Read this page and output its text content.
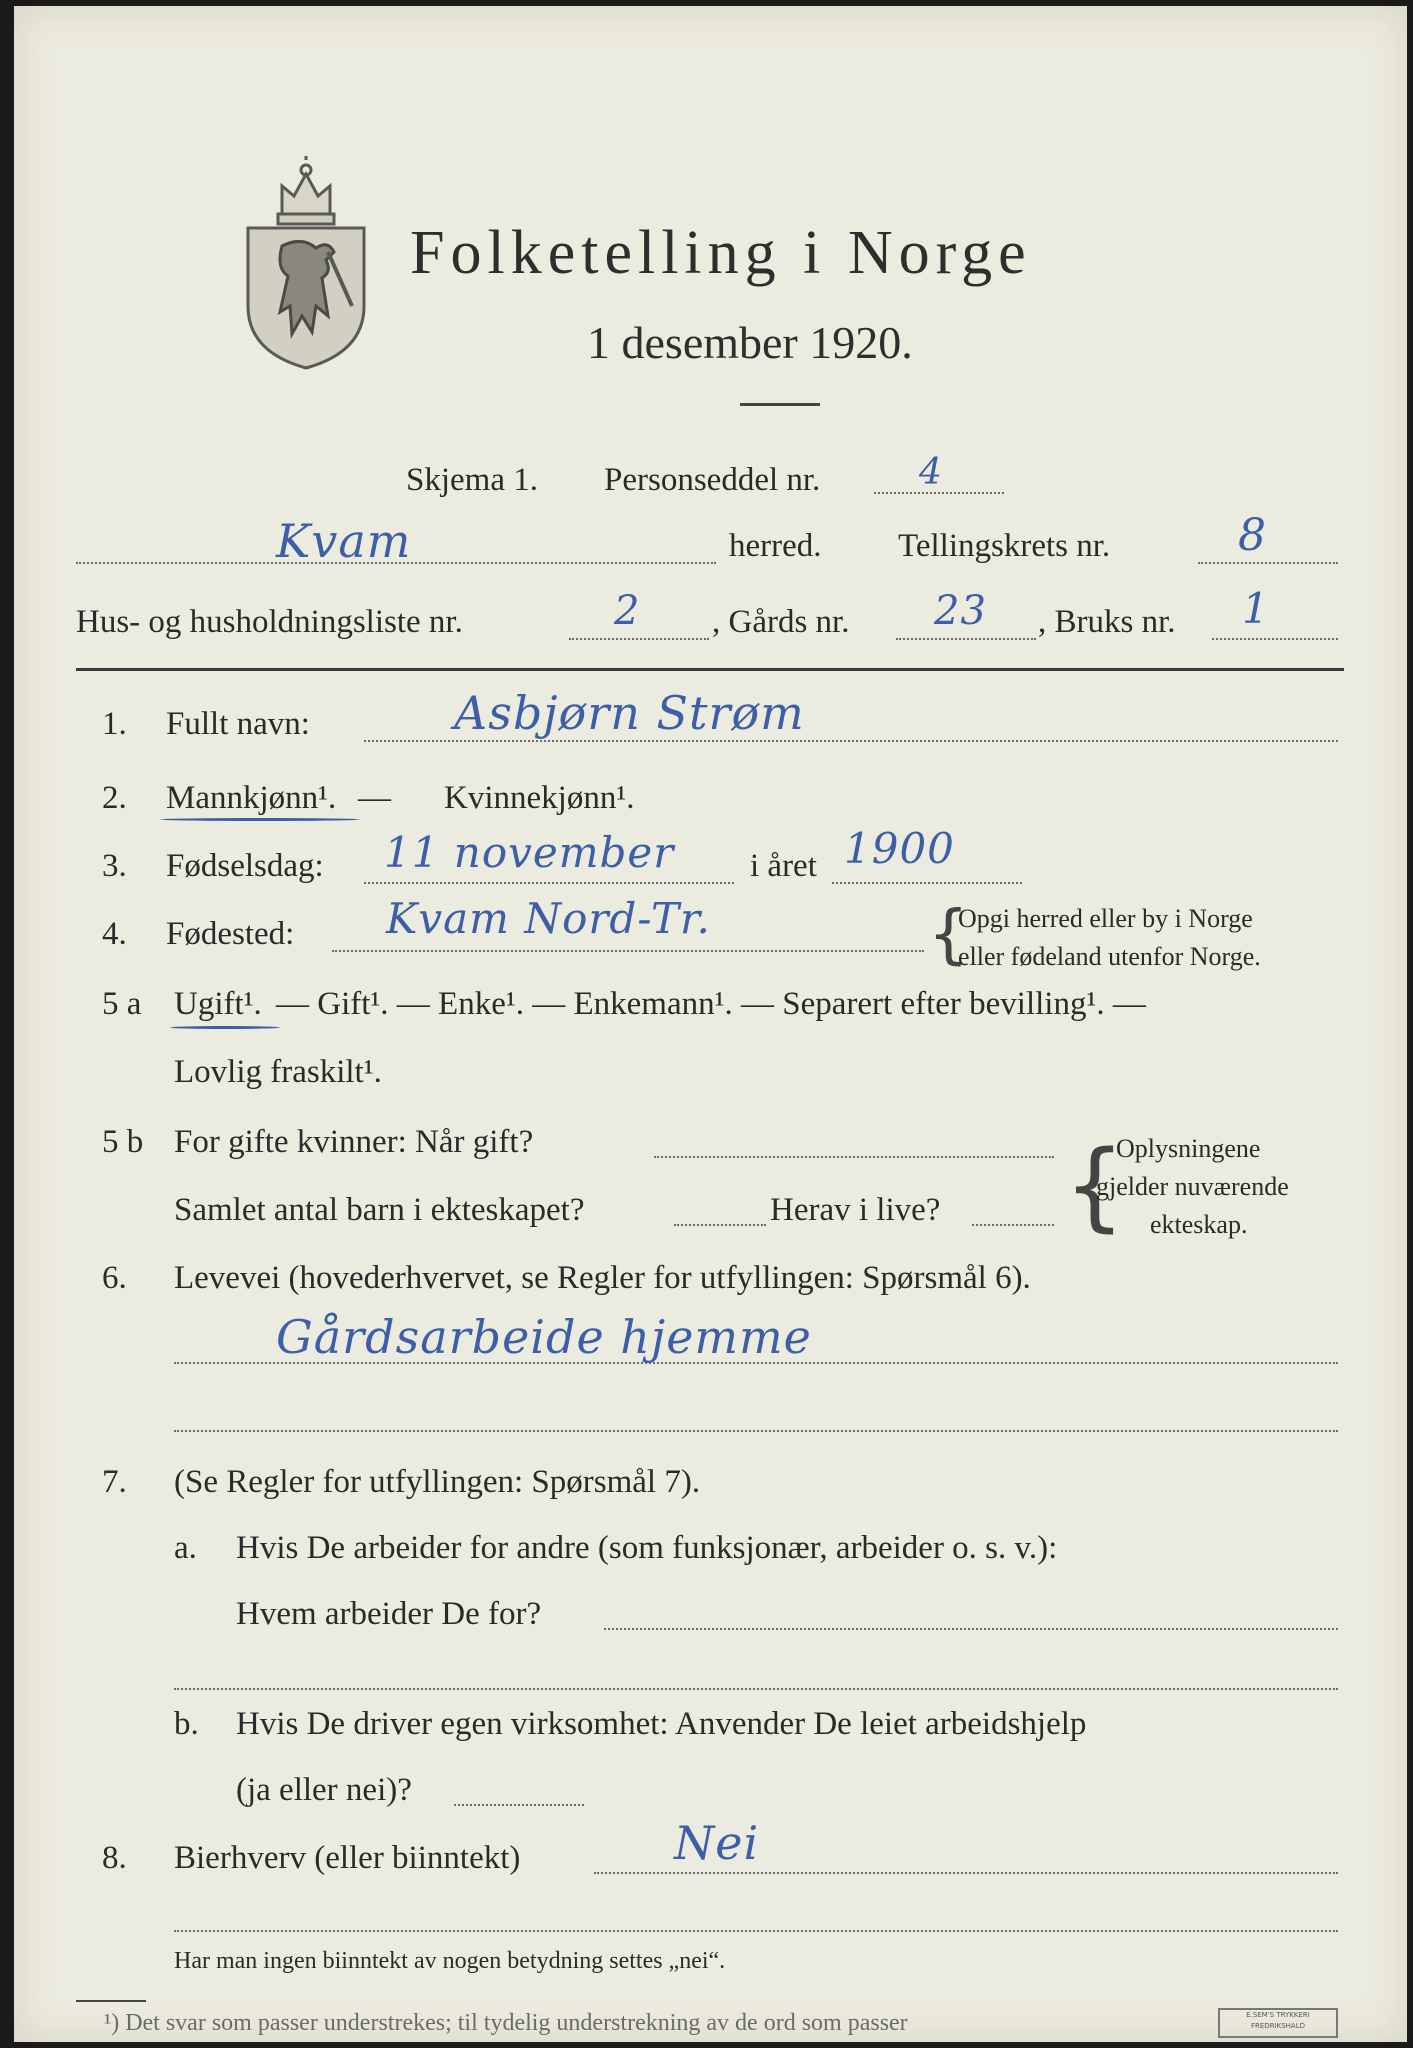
Folketelling i Norge
1 desember 1920.
Skjema 1. Personseddel nr.	4
Kvam	herred. Tellingskrets nr.	8
Hus- og husholdningsliste nr.	2 , Gårds nr. 23 , Bruks nr. 1
1. Fullt navn:	Asbjørn Strøm
2. Mannkjønn¹. — Kvinnekjønn¹.
3. Fødselsdag: 11 november i året 1900
4. Fødested: Kvam Nord-Tr.	{
Opgi herred eller by i Norge
eller fødeland utenfor Norge.
5 a Ugift¹. — Gift¹. — Enke¹. — Enkemann¹. — Separert efter bevilling¹. —
Lovlig fraskilt¹.
5 b For gifte kvinner: Når gift?
Samlet antal barn i ekteskapet?	Herav i live? {
Oplysningene
gjelder nuværende
ekteskap.
6. Levevei (hovederhvervet, se Regler for utfyllingen: Spørsmål 6).
Gårdsarbeide hjemme
7. (Se Regler for utfyllingen: Spørsmål 7).
a. Hvis De arbeider for andre (som funksjonær, arbeider o. s. v.):
Hvem arbeider De for?
b. Hvis De driver egen virksomhet: Anvender De leiet arbeidshjelp
(ja eller nei)?
8. Bierhverv (eller biinntekt)	Nei
Har man ingen biinntekt av nogen betydning settes „nei“.
¹) Det svar som passer understrekes; til tydelig understrekning av de ord som passer	E.SEM'S TRYKKERI FREDRIKSHALD
